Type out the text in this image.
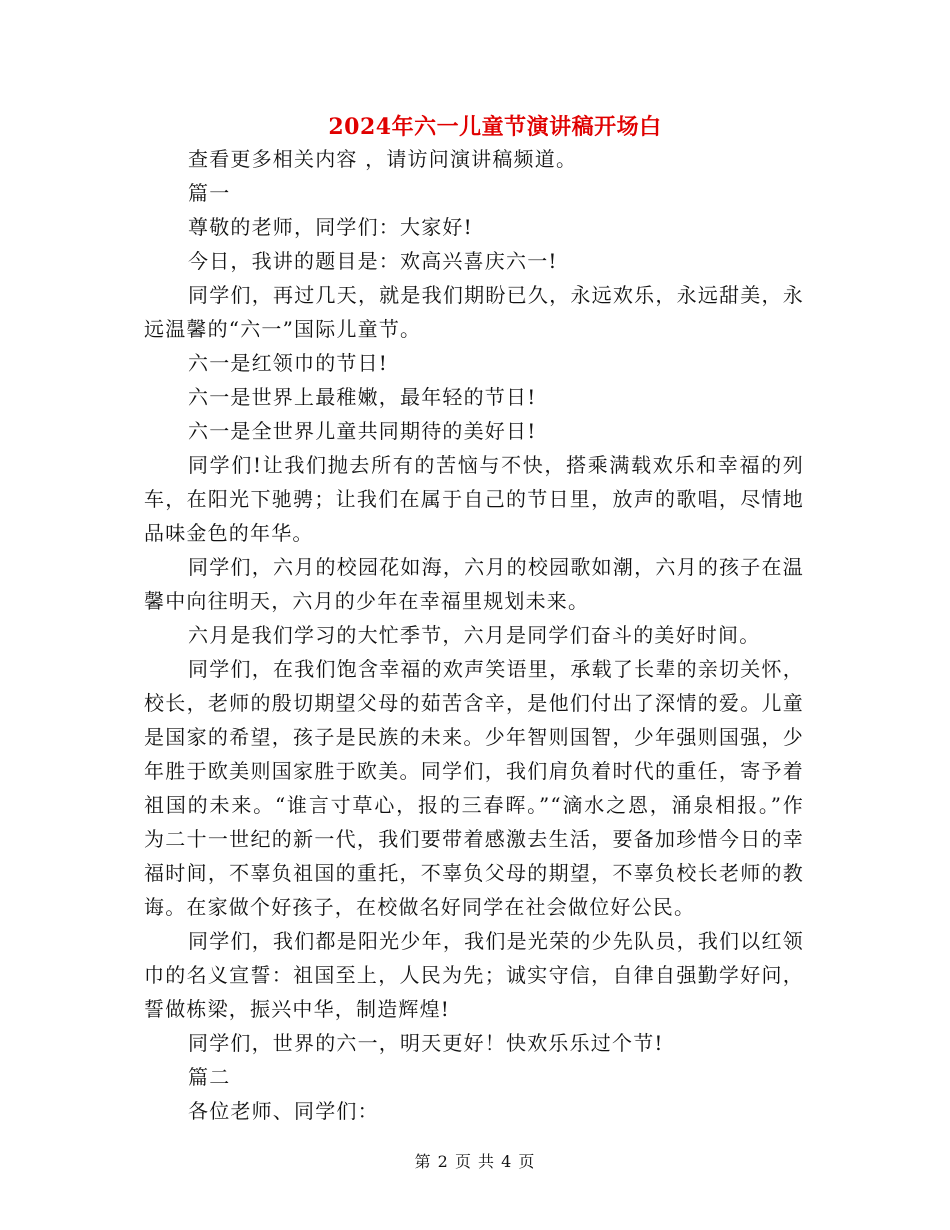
2024年六一儿童节演讲稿开场白

查看更多相关内容 ，请访问演讲稿频道。

篇一

尊敬的老师，同学们：大家好!

今日，我讲的题目是：欢高兴喜庆六一!

同学们，再过几天，就是我们期盼已久，永远欢乐，永远甜美，永远温馨的“六一”国际儿童节。

六一是红领巾的节日!

六一是世界上最稚嫩，最年轻的节日!

六一是全世界儿童共同期待的美好日!

同学们!让我们抛去所有的苦恼与不快，搭乘满载欢乐和幸福的列车，在阳光下驰骋；让我们在属于自己的节日里，放声的歌唱，尽情地品味金色的年华。

同学们，六月的校园花如海，六月的校园歌如潮，六月的孩子在温馨中向往明天，六月的少年在幸福里规划未来。

六月是我们学习的大忙季节，六月是同学们奋斗的美好时间。

同学们，在我们饱含幸福的欢声笑语里，承载了长辈的亲切关怀，校长，老师的殷切期望父母的茹苦含辛，是他们付出了深情的爱。儿童是国家的希望，孩子是民族的未来。少年智则国智，少年强则国强，少年胜于欧美则国家胜于欧美。同学们，我们肩负着时代的重任，寄予着祖国的未来。“谁言寸草心，报的三春晖。”“滴水之恩，涌泉相报。”作为二十一世纪的新一代，我们要带着感激去生活，要备加珍惜今日的幸福时间，不辜负祖国的重托，不辜负父母的期望，不辜负校长老师的教诲。在家做个好孩子，在校做名好同学在社会做位好公民。

同学们，我们都是阳光少年，我们是光荣的少先队员，我们以红领巾的名义宣誓：祖国至上，人民为先；诚实守信，自律自强勤学好问，誓做栋梁，振兴中华，制造辉煌!

同学们，世界的六一，明天更好！快欢乐乐过个节!

篇二

各位老师、同学们：

第 2 页 共 4 页
